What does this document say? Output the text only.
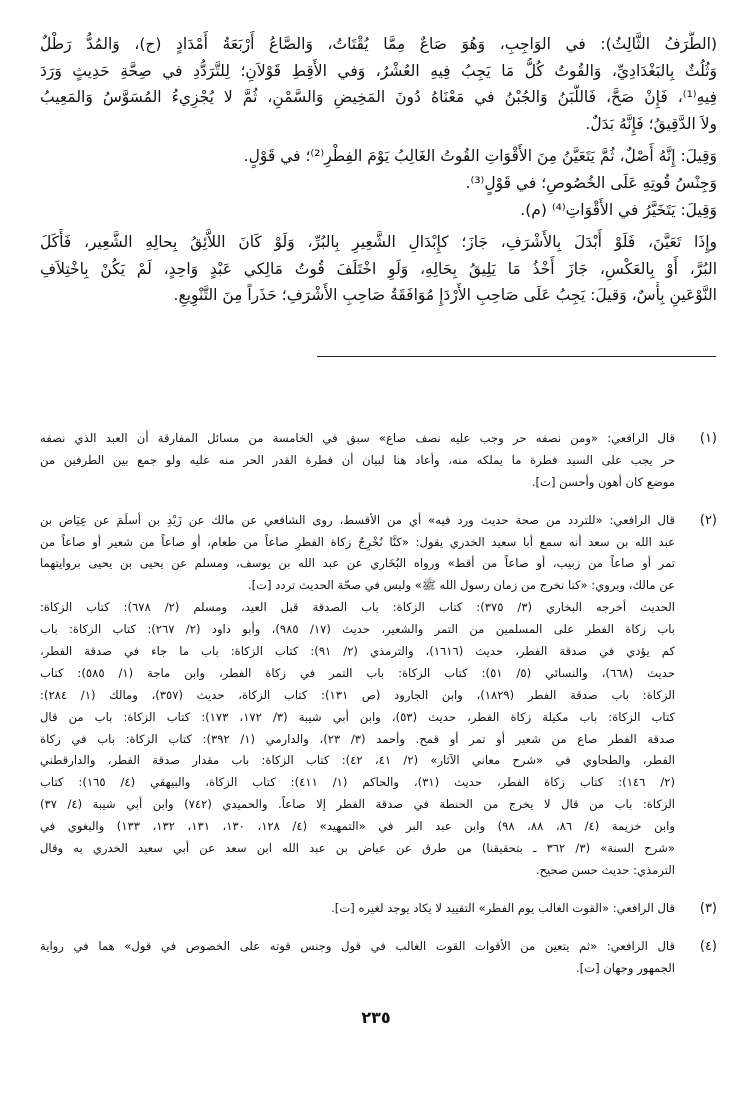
(الطَّرَفُ الثَّالِثُ): في الوَاجِبِ، وَهُوَ صَاعٌ مِمَّا يُقْتَاتُ، وَالصَّاعُ أَرْبَعَةُ أَمْدَادٍ (ح)، وَالمُدُّ رَطْلٌ
وَثُلُثٌ بِالبَغْدَادِيِّ، وَالقُوتُ كُلُّ مَا يَجِبُ فِيهِ العُشْرُ، وَفي الأَقِطِ قَوْلاَنِ؛ لِلتَّرَدُّدِ في صِحَّةِ حَدِيثٍ وَرَدَ
فِيهِ⁽¹⁾، فَإِنْ صَحَّ، فَاللَّبَنُ وَالجُبْنُ في مَعْنَاهُ دُونَ المَخِيضِ وَالسَّمْنِ، ثُمَّ لا يُجْزِيءُ المُسَوَّسُ وَالمَعِيبُ
ولاَ الدَّقِيقُ؛ فَإِنَّهُ بَدَلٌ.
وَقِيلَ: إِنَّهُ أَصْلٌ، ثُمَّ يَتَعَيَّنُ مِنَ الأَقْوَاتِ القُوتُ الغَالِبُ يَوْمَ الفِطْرِ⁽²⁾؛ في قَوْلٍ.
وَجِنْسُ قُوتِهِ عَلَى الخُصُوصِ؛ في قَوْلٍ⁽³⁾.
وَقِيلَ: يَتَخَيَّرُ في الأَقْوَاتِ⁽⁴⁾ (م).
وإِذَا تَعَيَّنَ، فَلَوْ أَبْدَلَ بِالأَشْرَفِ، جَازَ؛ كإِبْدَالِ الشَّعِيرِ بِالبُرِّ، وَلَوْ كَانَ اللاَّئِقُ بِحالِهِ الشَّعِير، فَأَكَلَ
البُرَّ، أَوْ بِالعَكْسِ، جَازَ أَخْذُ مَا يَلِيقُ بِحَالِهِ، وَلَوِ اخْتَلَفَ قُوتُ مَالِكي عَبْدٍ وَاحِدٍ، لَمْ يَكُنْ بِاخْتِلاَفِ
النَّوْعَينِ بِأْسٌ، وَقيلَ: يَجِبُ عَلَى صَاحِبِ الأَرْدَإِ مُوَافَقَةُ صَاحِبِ الأَشْرَفِ؛ حَذَراً مِنَ التَّنْوِيعِ.
(١)
قال الرافعي: «ومن نصفه حر وجب عليه نصف صاع» سبق في الخامسة من مسائل المفارقة أن العبد الذي نصفه
حر يجب على السيد فطرة ما يملكه منه، وأعاد هنا لبيان أن فطرة القدر الحر منه عليه ولو جمع بين الطرفين من
موضع كان أهون وأحسن [ت].
(٢)
قال الرافعي: «للتردد من صحة حديث ورد فيه» أي من الأقسط، روى الشافعي عن مالك عن زَيْدِ بن أسلَمَ عن عِيَاض بن
عبد الله بن سعد أنه سمع أبا سعيد الخدري يقول: «كنَّا نُخْرِجُ زكاة الفطرِ صاعاً من طعام، أو صاعاً من شعير أو صاعاً من
تمر أو صاعاً من زبيب، أو صاعاً من أقط» ورواه البُخَاري عن عبد الله بن يوسف، ومسلم عن يحيى بن يحيى بروايتهما
عن مالك، ويروي: «كنا نخرج من زمان رسول الله ﷺ» وليس في صحّة الحديث تردد [ت].
الحديث أخرجه البخاري (٣/ ٣٧٥): كتاب الزكاة: باب الصدقة قبل العيد، ومسلم (٢/ ٦٧٨): كتاب الزكاة:
باب زكاة الفطر على المسلمين من التمر والشعير، حديث (١٧/ ٩٨٥)، وأبو داود (٢/ ٢٦٧): كتاب الزكاة: باب
كم يؤدي في صدقة الفطر، حديث (١٦١٦)، والترمذي (٢/ ٩١): كتاب الزكاة: باب ما جاء في صدقة الفطر،
حديث (٦٦٨)، والنسائي (٥/ ٥١): كتاب الزكاة: باب التمر في زكاة الفطر، وابن ماجة (١/ ٥٨٥): كتاب
الزكاة: باب صدقة الفطر (١٨٢٩)، وابن الجارود (ص ١٣١): كتاب الزكاة، حديث (٣٥٧)، ومالك (١/ ٢٨٤):
كتاب الزكاة: باب مكيلة زكاة الفطر، حديث (٥٣)، وابن أبي شيبة (٣/ ١٧٢، ١٧٣): كتاب الزكاة: باب من قال
صدقة الفطر صاع من شعير أو تمر أو قمح. وأحمد (٣/ ٢٣)، والدارمي (١/ ٣٩٢): كتاب الزكاة: باب في زكاة
الفطر، والطحاوي في «شرح معاني الآثار» (٢/ ٤١، ٤٢): كتاب الزكاة: باب مقدار صدقة الفطر، والدارقطني
(٢/ ١٤٦): كتاب زكاة الفطر، حديث (٣١)، والحاكم (١/ ٤١١): كتاب الزكاة، والبيهقي (٤/ ١٦٥): كتاب
الزكاة: باب من قال لا يخرج من الحنطة في صدقة الفطر إلا صاعاً. والحميدي (٧٤٢) وابن أبي شيبة (٤/ ٣٧)
وابن خزيمة (٤/ ٨٦، ٨٨، ٩٨) وابن عبد البر في «التمهيد» (٤/ ١٢٨، ١٣٠، ١٣١، ١٣٢، ١٣٣) والبغوي في
«شرح السنة» (٣/ ٣٦٢ ـ بتحقيقنا) من طرق عن عياض بن عبد الله ابن سعد عن أبي سعيد الخدري به وقال
الترمذي: حديث حسن صحيح.
(٣)
قال الرافعي: «القوت الغالب يوم الفطر» التقييد لا يكاد يوجد لغيره [ت].
(٤)
قال الرافعي: «ثم يتعين من الأقوات القوت الغالب في قول وجنس قوته على الخصوص في قول» هما في رواية
الجمهور وجهان [ت].
٢٣٥
